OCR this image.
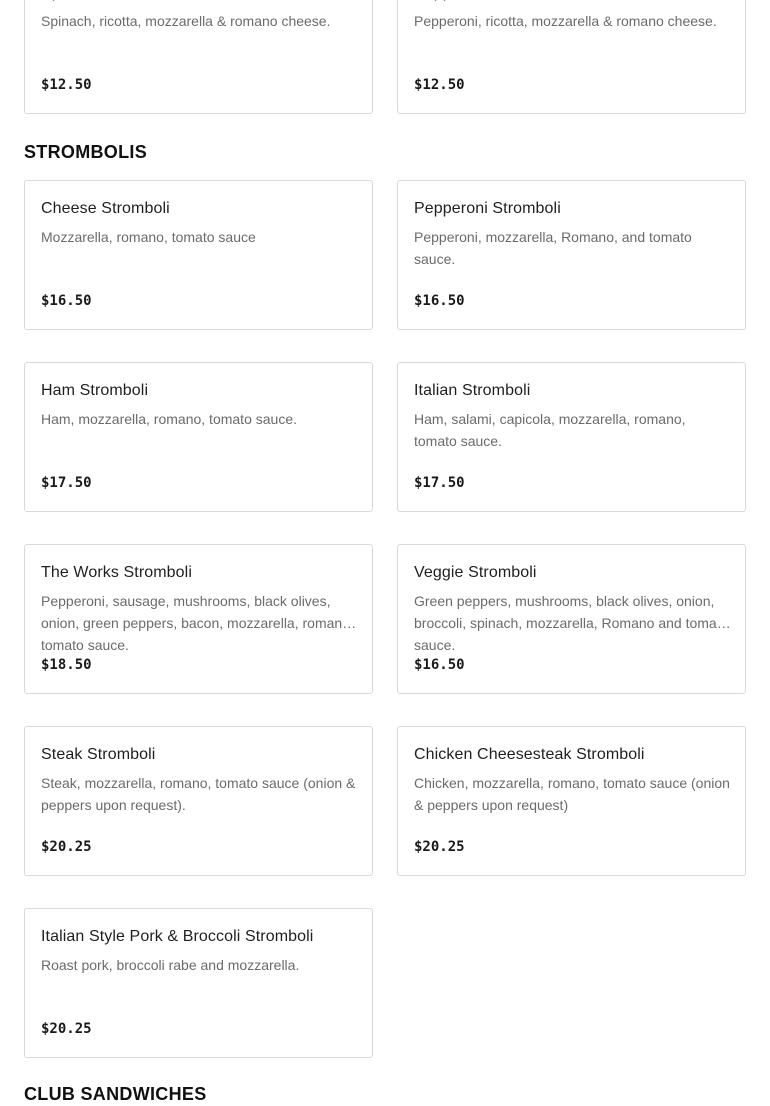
Spinach, ricotta, mozzarella & romano cheese.
$12.50
Pepperoni, ricotta, mozzarella & romano cheese.
$12.50
STROMBOLIS
Cheese Stromboli
Mozzarella, romano, tomato sauce
$16.50
Pepperoni Stromboli
Pepperoni, mozzarella, Romano, and tomato sauce.
$16.50
Ham Stromboli
Ham, mozzarella, romano, tomato sauce.
$17.50
Italian Stromboli
Ham, salami, capicola, mozzarella, romano, tomato sauce.
$17.50
The Works Stromboli
Pepperoni, sausage, mushrooms, black olives, onion, green peppers, bacon, mozzarella, romano, tomato sauce.
$18.50
Veggie Stromboli
Green peppers, mushrooms, black olives, onion, broccoli, spinach, mozzarella, Romano and tomato sauce.
$16.50
Steak Stromboli
Steak, mozzarella, romano, tomato sauce (onion & peppers upon request).
$20.25
Chicken Cheesesteak Stromboli
Chicken, mozzarella, romano, tomato sauce (onion & peppers upon request)
$20.25
Italian Style Pork & Broccoli Stromboli
Roast pork, broccoli rabe and mozzarella.
$20.25
CLUB SANDWICHES
